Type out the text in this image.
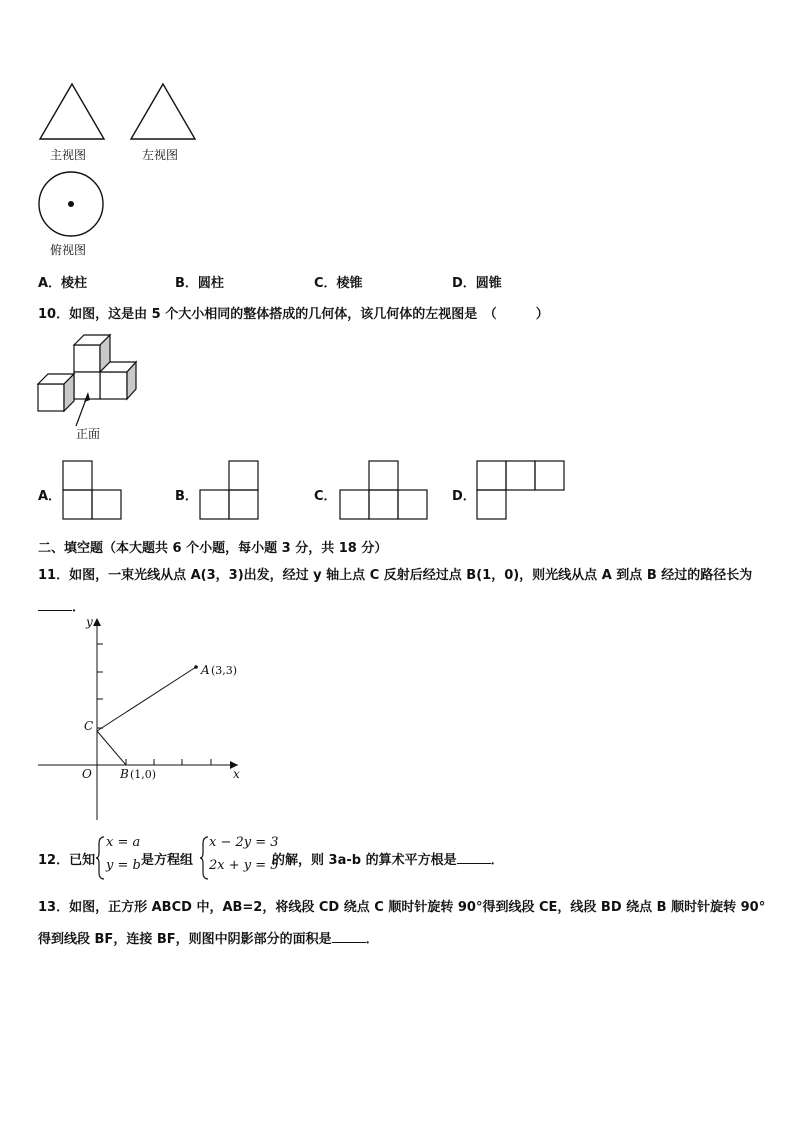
主视图	左视图
俯视图
A．棱柱	B．圆柱	C．棱锥	D．圆锥
10．如图，这是由 5 个大小相同的整体搭成的几何体，该几何体的左视图是　（　　　）
正面
A．	B．	C．	D．
二、填空题（本大题共 6 个小题，每小题 3 分，共 18 分）
11．如图，一束光线从点 A(3，3)出发，经过 y 轴上点 C 反射后经过点 B(1，0)，则光线从点 A 到点 B 经过的路径长为
．
y
x
O
A (3,3)
C
B (1,0)
12．已知
x = a
y = b 是方程组
x − 2y = 3
2x + y = 5
的解，则 3a-b 的算术平方根是	．
13．如图，正方形 ABCD 中，AB=2，将线段 CD 绕点 C 顺时针旋转 90°得到线段 CE，线段 BD 绕点 B 顺时针旋转 90°
得到线段 BF，连接 BF，则图中阴影部分的面积是	．
